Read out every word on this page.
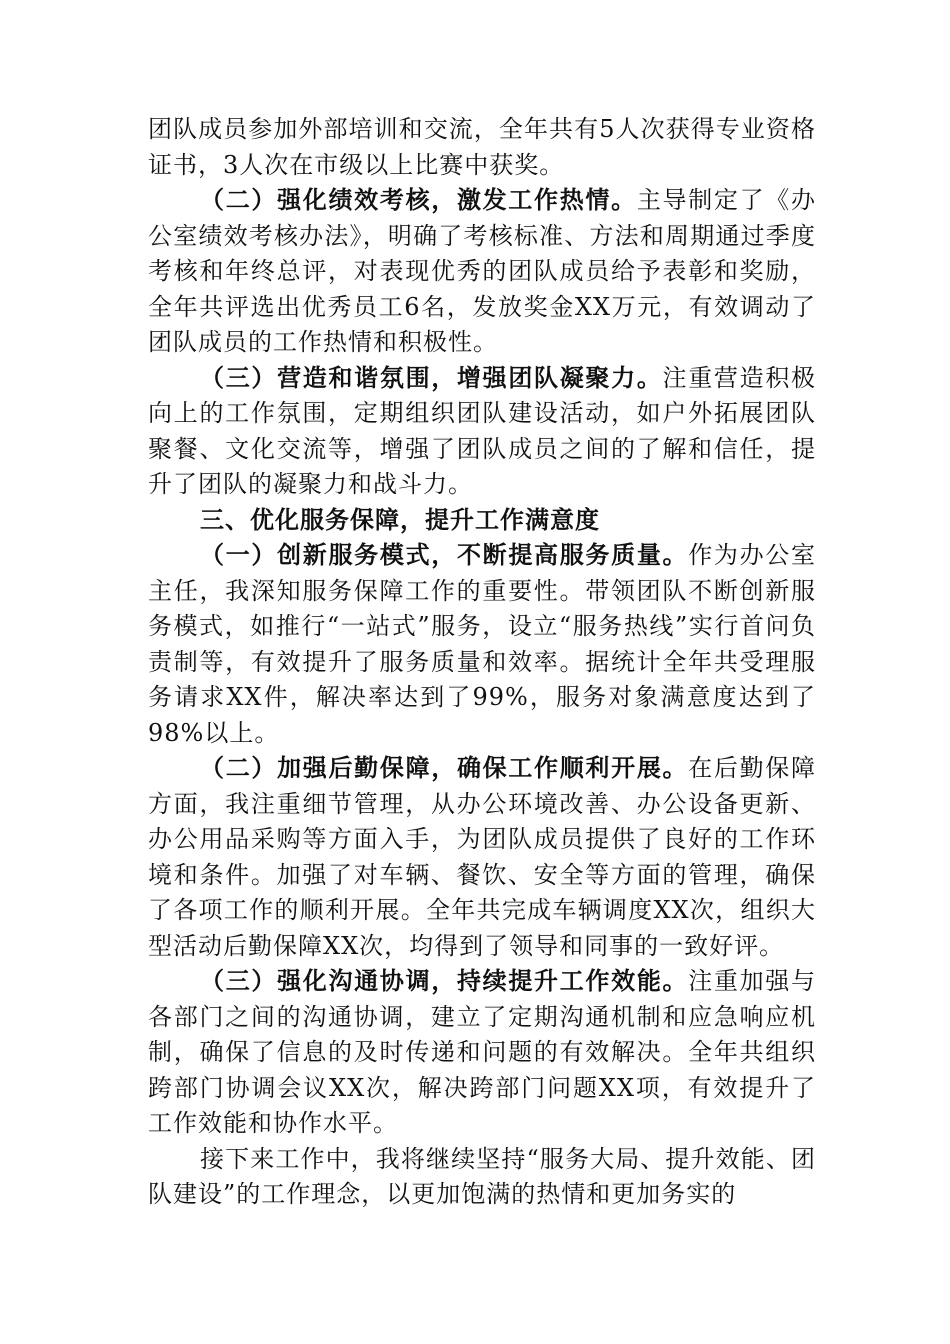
团队成员参加外部培训和交流，全年共有5人次获得专业资格证书，3人次在市级以上比赛中获奖。

（二）强化绩效考核，激发工作热情。主导制定了《办公室绩效考核办法》，明确了考核标准、方法和周期通过季度考核和年终总评，对表现优秀的团队成员给予表彰和奖励，全年共评选出优秀员工6名，发放奖金XX万元，有效调动了团队成员的工作热情和积极性。

（三）营造和谐氛围，增强团队凝聚力。注重营造积极向上的工作氛围，定期组织团队建设活动，如户外拓展团队聚餐、文化交流等，增强了团队成员之间的了解和信任，提升了团队的凝聚力和战斗力。

三、优化服务保障，提升工作满意度

（一）创新服务模式，不断提高服务质量。作为办公室主任，我深知服务保障工作的重要性。带领团队不断创新服务模式，如推行“一站式”服务，设立“服务热线”实行首问负责制等，有效提升了服务质量和效率。据统计全年共受理服务请求XX件，解决率达到了99%，服务对象满意度达到了98%以上。

（二）加强后勤保障，确保工作顺利开展。在后勤保障方面，我注重细节管理，从办公环境改善、办公设备更新、办公用品采购等方面入手，为团队成员提供了良好的工作环境和条件。加强了对车辆、餐饮、安全等方面的管理，确保了各项工作的顺利开展。全年共完成车辆调度XX次，组织大型活动后勤保障XX次，均得到了领导和同事的一致好评。

（三）强化沟通协调，持续提升工作效能。注重加强与各部门之间的沟通协调，建立了定期沟通机制和应急响应机制，确保了信息的及时传递和问题的有效解决。全年共组织跨部门协调会议XX次，解决跨部门问题XX项，有效提升了工作效能和协作水平。

接下来工作中，我将继续坚持“服务大局、提升效能、团队建设”的工作理念，以更加饱满的热情和更加务实的
